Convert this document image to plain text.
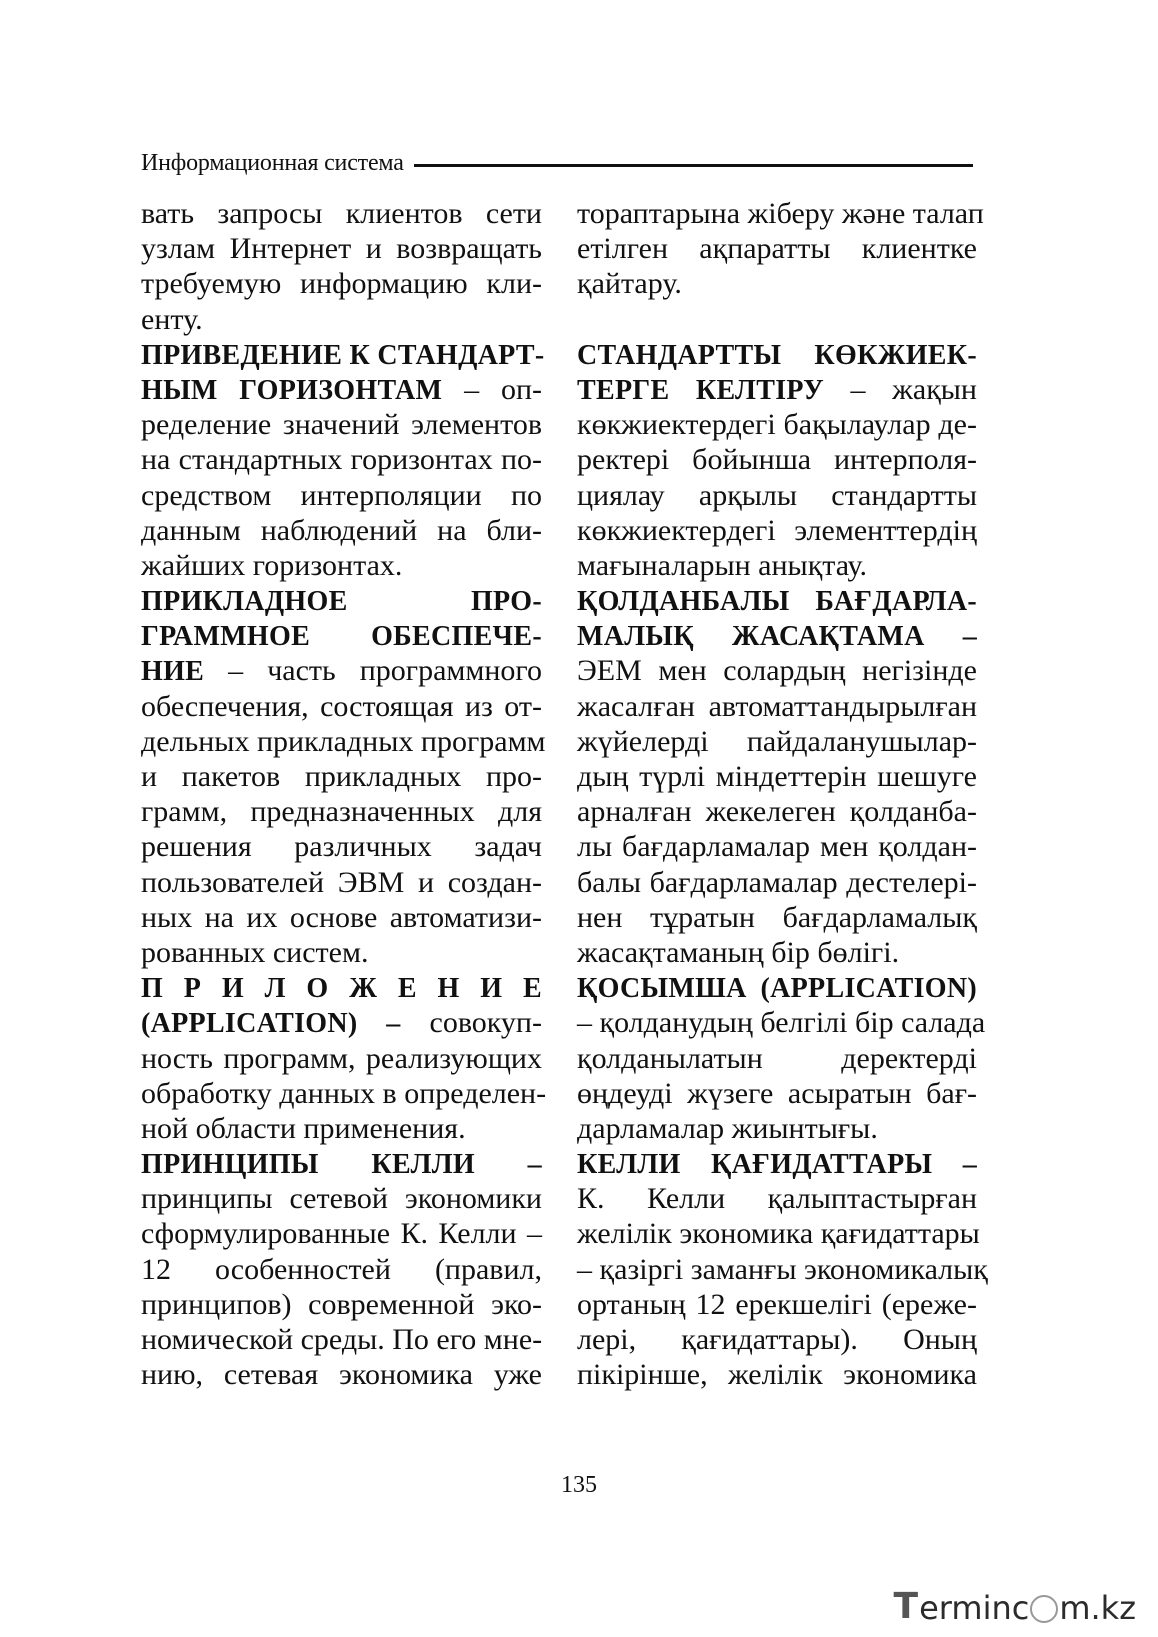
Информационная система
вать запросы клиентов сети
узлам Интернет и возвращать
требуемую информацию кли-
енту.
ПРИВЕДЕНИЕ К СТАНДАРТ-
НЫМ ГОРИЗОНТАМ – оп-
ределение значений элементов
на стандартных горизонтах по-
средством интерполяции по
данным наблюдений на бли-
жайших горизонтах.
ПРИКЛАДНОЕ ПРО-
ГРАММНОЕ ОБЕСПЕЧЕ-
НИЕ – часть программного
обеспечения, состоящая из от-
дельных прикладных программ
и пакетов прикладных про-
грамм, предназначенных для
решения различных задач
пользователей ЭВМ и создан-
ных на их основе автоматизи-
рованных систем.
П Р И Л О Ж Е Н И Е
(APPLICATION) – совокуп-
ность программ, реализующих
обработку данных в определен-
ной области применения.
ПРИНЦИПЫ КЕЛЛИ –
принципы сетевой экономики
сформулированные К. Келли –
12 особенностей (правил,
принципов) современной эко-
номической среды. По его мне-
нию, сетевая экономика уже
тораптарына жіберу және талап
етілген ақпаратты клиентке
қайтару.
СТАНДАРТТЫ КӨКЖИЕК-
ТЕРГЕ КЕЛТІРУ – жақын
көкжиектердегі бақылаулар де-
ректері бойынша интерполя-
циялау арқылы стандартты
көкжиектердегі элементтердің
мағыналарын анықтау.
ҚОЛДАНБАЛЫ БАҒДАРЛА-
МАЛЫҚ ЖАСАҚТАМА –
ЭЕМ мен солардың негізінде
жасалған автоматтандырылған
жүйелерді пайдаланушылар-
дың түрлі міндеттерін шешуге
арналған жекелеген қолданба-
лы бағдарламалар мен қолдан-
балы бағдарламалар дестелері-
нен тұратын бағдарламалық
жасақтаманың бір бөлігі.
ҚОСЫМША (APPLICATION)
– қолданудың белгілі бір салада
қолданылатын деректерді
өңдеуді жүзеге асыратын бағ-
дарламалар жиынтығы.
КЕЛЛИ ҚАҒИДАТТАРЫ –
К. Келли қалыптастырған
желілік экономика қағидаттары
– қазіргі заманғы экономикалық
ортаның 12 ерекшелігі (ереже-
лері, қағидаттары). Оның
пікірінше, желілік экономика
135
T erminc m.kz
